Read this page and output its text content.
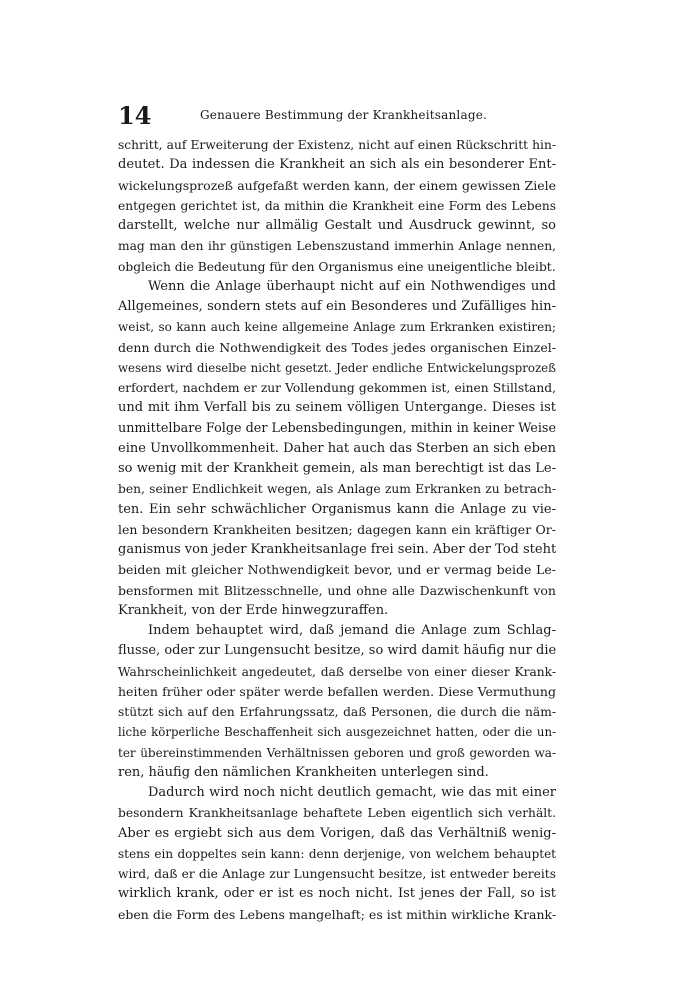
14	Genauere Bestimmung der Krankheitsanlage.
schritt, auf Erweiterung der Existenz, nicht auf einen Rückschritt hin-
deutet. Da indessen die Krankheit an sich als ein besonderer Ent-
wickelungsprozeß aufgefaßt werden kann, der einem gewissen Ziele
entgegen gerichtet ist, da mithin die Krankheit eine Form des Lebens
darstellt, welche nur allmälig Gestalt und Ausdruck gewinnt, so
mag man den ihr günstigen Lebenszustand immerhin Anlage nennen,
obgleich die Bedeutung für den Organismus eine uneigentliche bleibt.
Wenn die Anlage überhaupt nicht auf ein Nothwendiges und
Allgemeines, sondern stets auf ein Besonderes und Zufälliges hin-
weist, so kann auch keine allgemeine Anlage zum Erkranken existiren;
denn durch die Nothwendigkeit des Todes jedes organischen Einzel-
wesens wird dieselbe nicht gesetzt. Jeder endliche Entwickelungsprozeß
erfordert, nachdem er zur Vollendung gekommen ist, einen Stillstand,
und mit ihm Verfall bis zu seinem völligen Untergange. Dieses ist
unmittelbare Folge der Lebensbedingungen, mithin in keiner Weise
eine Unvollkommenheit. Daher hat auch das Sterben an sich eben
so wenig mit der Krankheit gemein, als man berechtigt ist das Le-
ben, seiner Endlichkeit wegen, als Anlage zum Erkranken zu betrach-
ten. Ein sehr schwächlicher Organismus kann die Anlage zu vie-
len besondern Krankheiten besitzen; dagegen kann ein kräftiger Or-
ganismus von jeder Krankheitsanlage frei sein. Aber der Tod steht
beiden mit gleicher Nothwendigkeit bevor, und er vermag beide Le-
bensformen mit Blitzesschnelle, und ohne alle Dazwischenkunft von
Krankheit, von der Erde hinwegzuraffen.
Indem behauptet wird, daß jemand die Anlage zum Schlag-
flusse, oder zur Lungensucht besitze, so wird damit häufig nur die
Wahrscheinlichkeit angedeutet, daß derselbe von einer dieser Krank-
heiten früher oder später werde befallen werden. Diese Vermuthung
stützt sich auf den Erfahrungssatz, daß Personen, die durch die näm-
liche körperliche Beschaffenheit sich ausgezeichnet hatten, oder die un-
ter übereinstimmenden Verhältnissen geboren und groß geworden wa-
ren, häufig den nämlichen Krankheiten unterlegen sind.
Dadurch wird noch nicht deutlich gemacht, wie das mit einer
besondern Krankheitsanlage behaftete Leben eigentlich sich verhält.
Aber es ergiebt sich aus dem Vorigen, daß das Verhältniß wenig-
stens ein doppeltes sein kann: denn derjenige, von welchem behauptet
wird, daß er die Anlage zur Lungensucht besitze, ist entweder bereits
wirklich krank, oder er ist es noch nicht. Ist jenes der Fall, so ist
eben die Form des Lebens mangelhaft; es ist mithin wirkliche Krank-
